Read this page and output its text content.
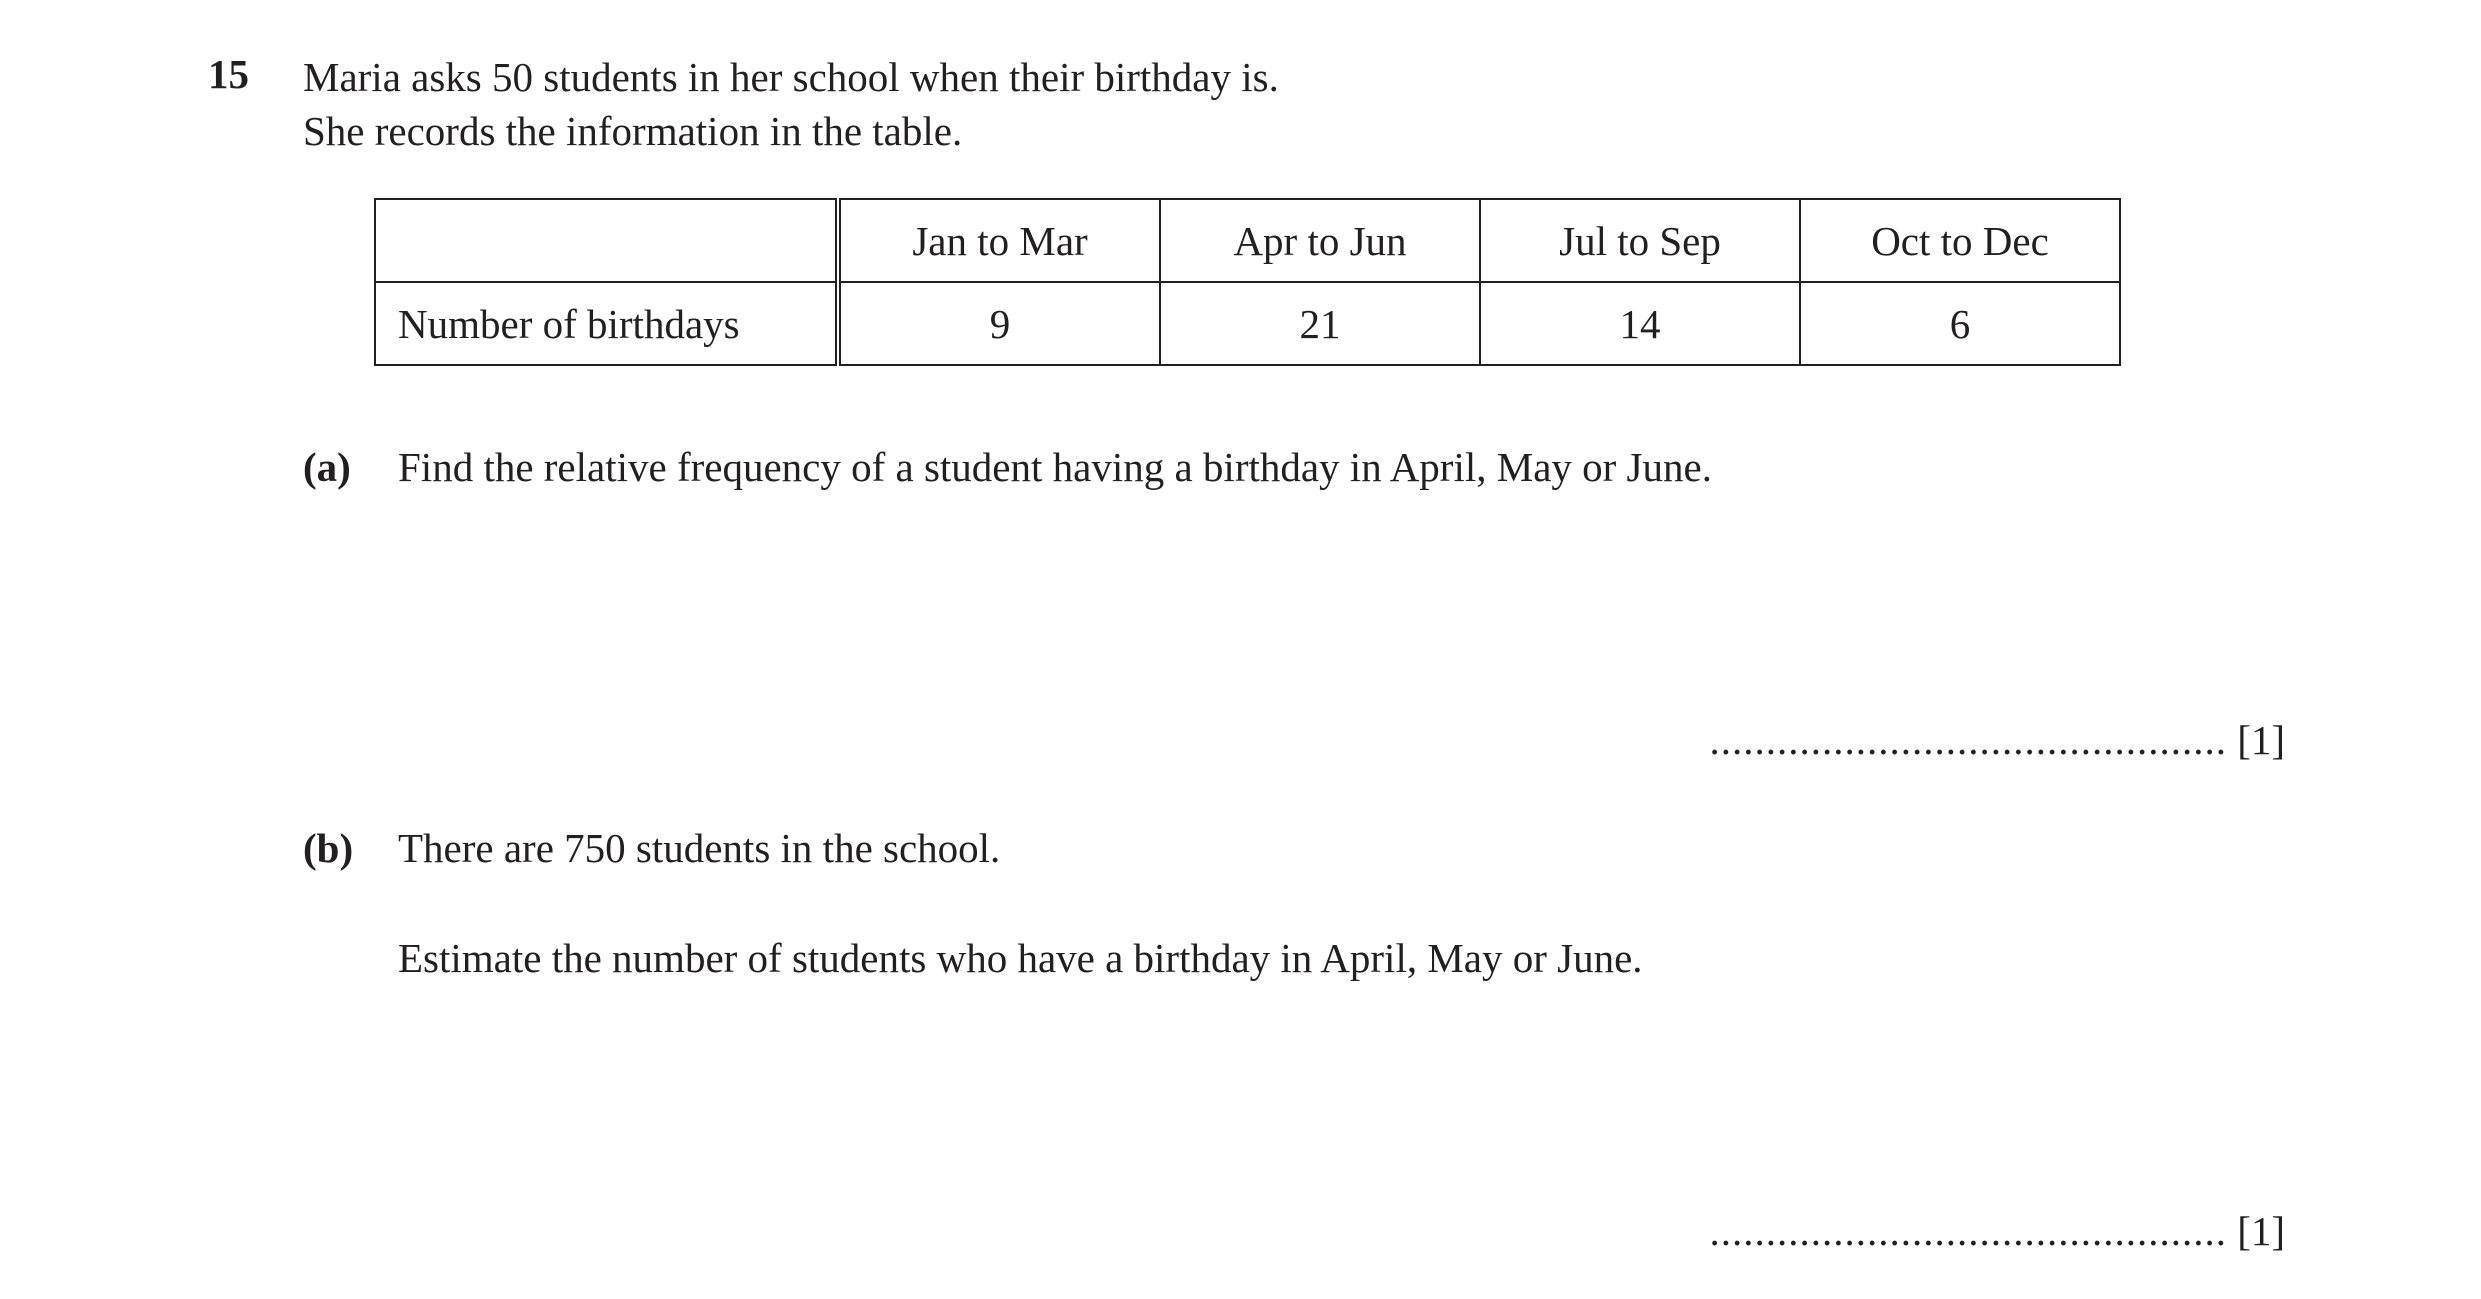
15 Maria asks 50 students in her school when their birthday is.
She records the information in the table.
	Jan to Mar	Apr to Jun	Jul to Sep	Oct to Dec
Number of birthdays	9	21	14	6
(a) Find the relative frequency of a student having a birthday in April, May or June.
.............................................. [1]
(b) There are 750 students in the school.
Estimate the number of students who have a birthday in April, May or June.
.............................................. [1]
